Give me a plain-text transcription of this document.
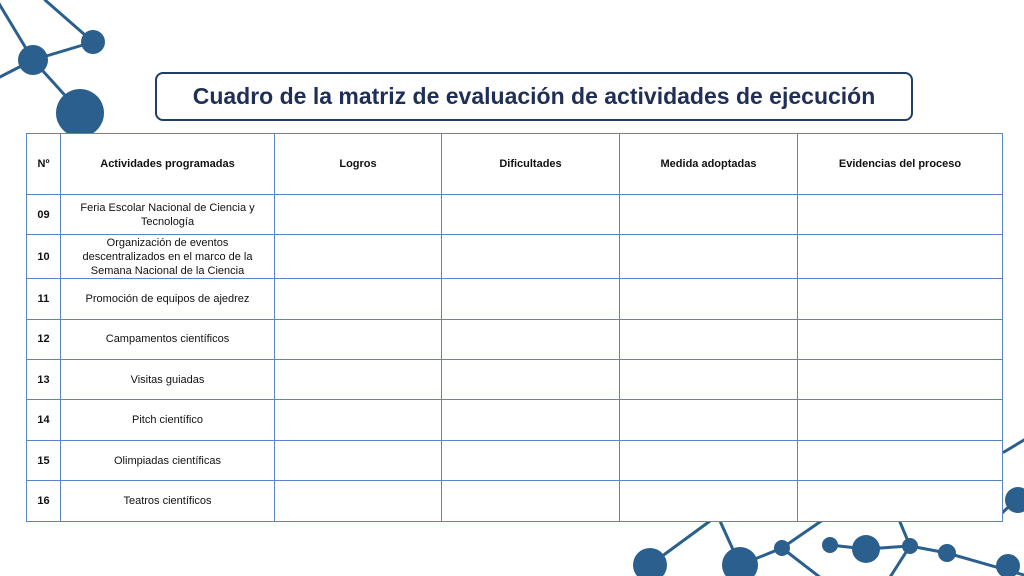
Cuadro de la matriz de evaluación de actividades de ejecución
Nº	Actividades programadas	Logros	Dificultades	Medida adoptadas	Evidencias del proceso
09	Feria Escolar Nacional de Ciencia y Tecnología				
10	Organización de eventos descentralizados en el marco de la Semana Nacional de la Ciencia				
11	Promoción de equipos de ajedrez				
12	Campamentos científicos				
13	Visitas guiadas				
14	Pitch científico				
15	Olimpiadas científicas				
16	Teatros científicos				
